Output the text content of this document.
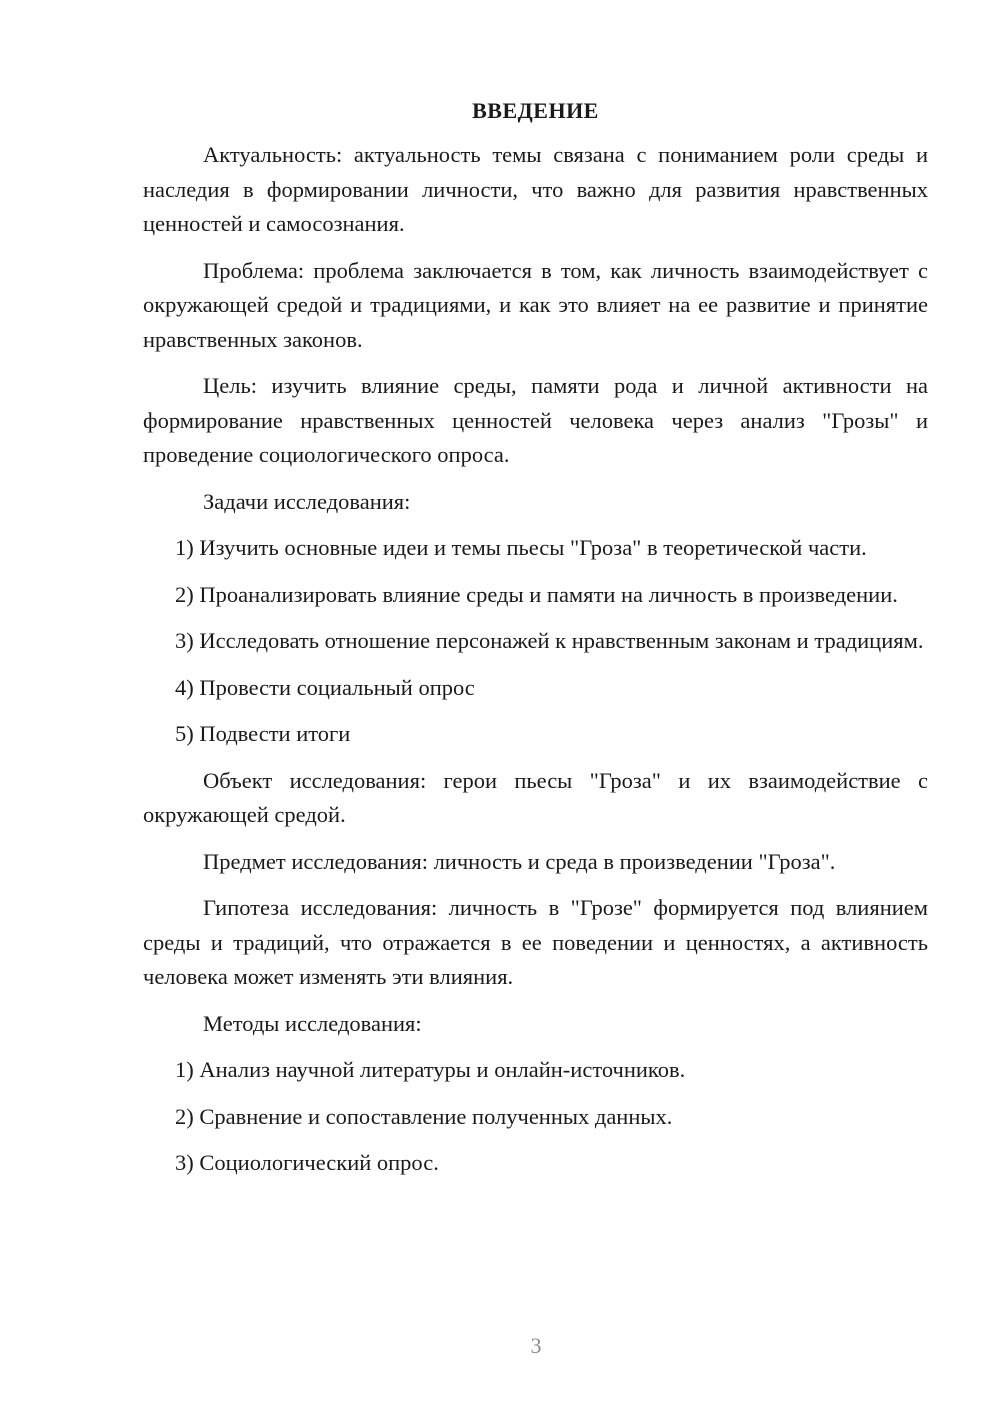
ВВЕДЕНИЕ

Актуальность: актуальность темы связана с пониманием роли среды и наследия в формировании личности, что важно для развития нравственных ценностей и самосознания.

Проблема: проблема заключается в том, как личность взаимодействует с окружающей средой и традициями, и как это влияет на ее развитие и принятие нравственных законов.

Цель: изучить влияние среды, памяти рода и личной активности на формирование нравственных ценностей человека через анализ "Грозы" и проведение социологического опроса.

Задачи исследования:

1) Изучить основные идеи и темы пьесы "Гроза" в теоретической части.

2) Проанализировать влияние среды и памяти на личность в произведении.

3) Исследовать отношение персонажей к нравственным законам и традициям.

4) Провести социальный опрос

5) Подвести итоги

Объект исследования: герои пьесы "Гроза" и их взаимодействие с окружающей средой.

Предмет исследования: личность и среда в произведении "Гроза".

Гипотеза исследования: личность в "Грозе" формируется под влиянием среды и традиций, что отражается в ее поведении и ценностях, а активность человека может изменять эти влияния.

Методы исследования:

1) Анализ научной литературы и онлайн-источников.

2) Сравнение и сопоставление полученных данных.

3) Социологический опрос.

3
